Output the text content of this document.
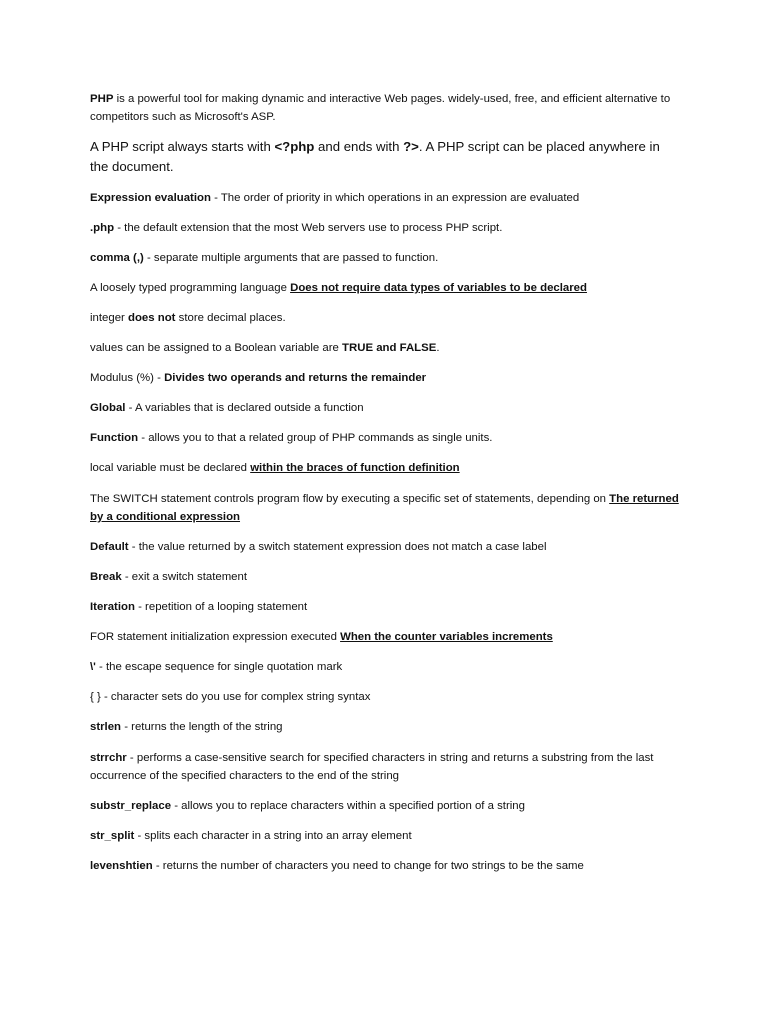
PHP is a powerful tool for making dynamic and interactive Web pages. widely-used, free, and efficient alternative to competitors such as Microsoft's ASP.

A PHP script always starts with <?php and ends with ?>. A PHP script can be placed anywhere in the document.

Expression evaluation - The order of priority in which operations in an expression are evaluated

.php - the default extension that the most Web servers use to process PHP script.

comma (,) - separate multiple arguments that are passed to function.

A loosely typed programming language Does not require data types of variables to be declared

integer does not store decimal places.

values can be assigned to a Boolean variable are TRUE and FALSE.

Modulus (%) - Divides two operands and returns the remainder

Global - A variables that is declared outside a function

Function - allows you to that a related group of PHP commands as single units.

local variable must be declared within the braces of function definition

The SWITCH statement controls program flow by executing a specific set of statements, depending on The returned by a conditional expression

Default - the value returned by a switch statement expression does not match a case label

Break - exit a switch statement

Iteration - repetition of a looping statement

FOR statement initialization expression executed When the counter variables increments

\' - the escape sequence for single quotation mark

{ } - character sets do you use for complex string syntax

strlen - returns the length of the string

strrchr - performs a case-sensitive search for specified characters in string and returns a substring from the last occurrence of the specified characters to the end of the string

substr_replace - allows you to replace characters within a specified portion of a string

str_split - splits each character in a string into an array element

levenshtien - returns the number of characters you need to change for two strings to be the same
